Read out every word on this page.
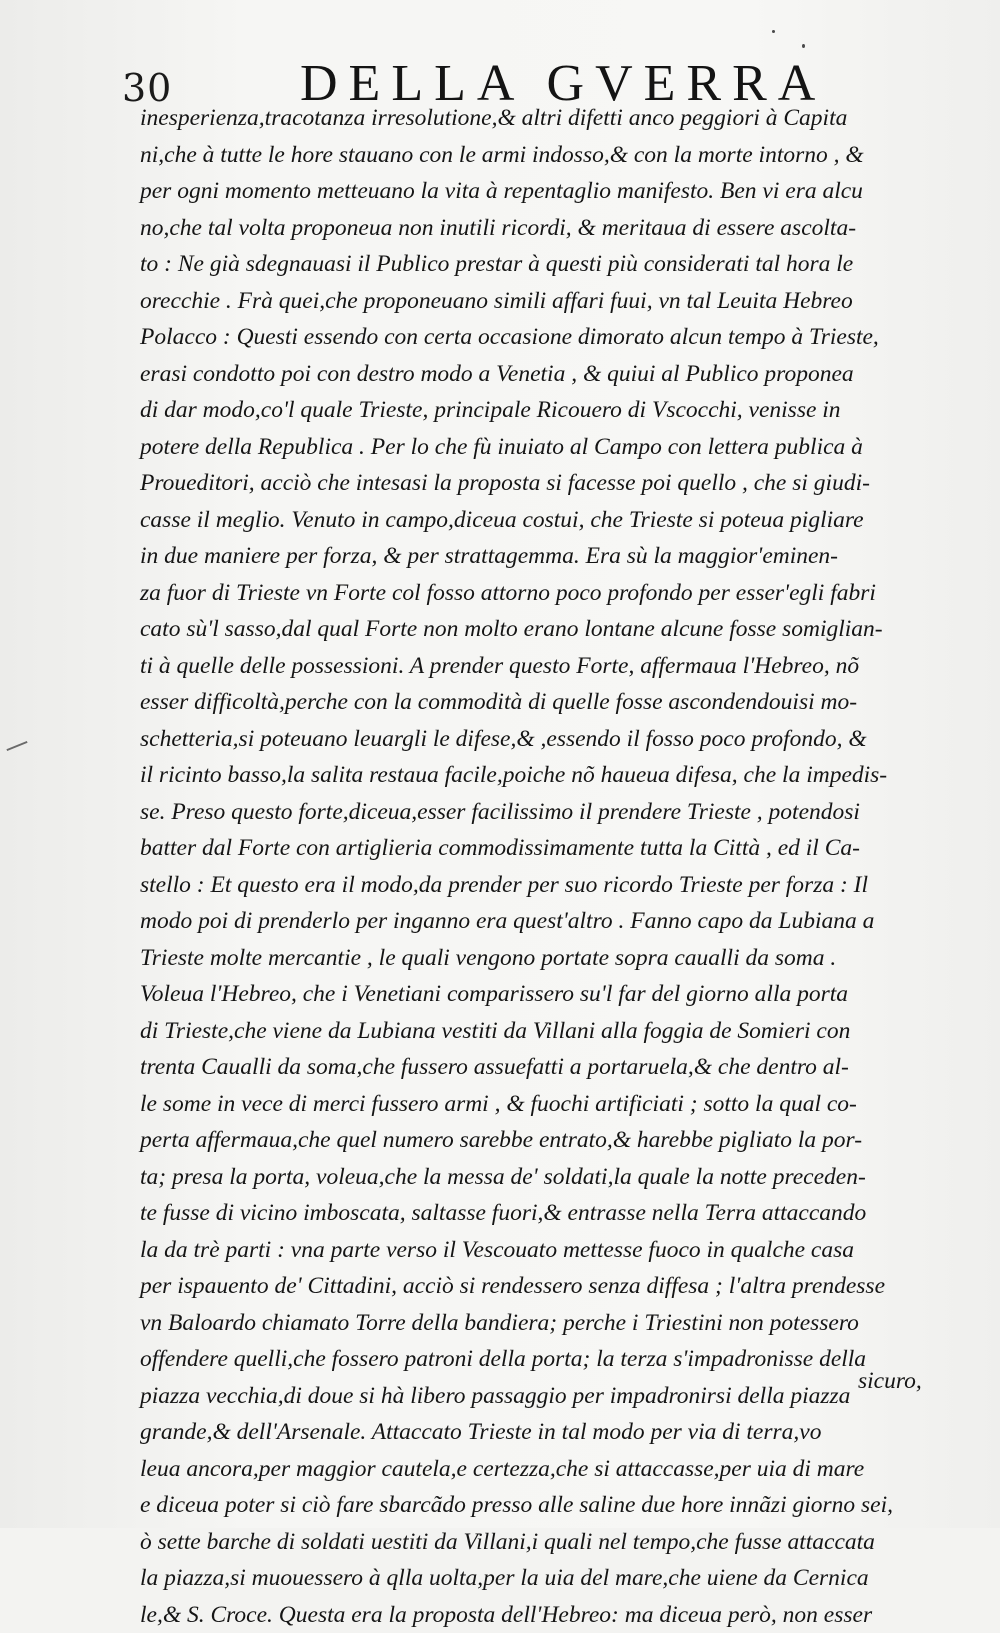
30 DELLA GVERRA
inesperienza,tracotanza irresolutione,& altri difetti anco peggiori à Capita
ni,che à tutte le hore stauano con le armi indosso,& con la morte intorno , &
per ogni momento metteuano la vita à repentaglio manifesto. Ben vi era alcu
no,che tal volta proponeua non inutili ricordi, & meritaua di essere ascolta-
to : Ne già sdegnauasi il Publico prestar à questi più considerati tal hora le
orecchie . Frà quei,che proponeuano simili affari fuui, vn tal Leuita Hebreo
Polacco : Questi essendo con certa occasione dimorato alcun tempo à Trieste,
erasi condotto poi con destro modo a Venetia , & quiui al Publico proponea
di dar modo,co'l quale Trieste, principale Ricouero di Vscocchi, venisse in
potere della Republica . Per lo che fù inuiato al Campo con lettera publica à
Proueditori, acciò che intesasi la proposta si facesse poi quello , che si giudi-
casse il meglio. Venuto in campo,diceua costui, che Trieste si poteua pigliare
in due maniere per forza, & per strattagemma. Era sù la maggior'eminen-
za fuor di Trieste vn Forte col fosso attorno poco profondo per esser'egli fabri
cato sù'l sasso,dal qual Forte non molto erano lontane alcune fosse somiglian-
ti à quelle delle possessioni. A prender questo Forte, affermaua l'Hebreo, nõ
esser difficoltà,perche con la commodità di quelle fosse ascondendouisi mo-
schetteria,si poteuano leuargli le difese,& ,essendo il fosso poco profondo, &
il ricinto basso,la salita restaua facile,poiche nõ haueua difesa, che la impedis-
se. Preso questo forte,diceua,esser facilissimo il prendere Trieste , potendosi
batter dal Forte con artiglieria commodissimamente tutta la Città , ed il Ca-
stello : Et questo era il modo,da prender per suo ricordo Trieste per forza : Il
modo poi di prenderlo per inganno era quest'altro . Fanno capo da Lubiana a
Trieste molte mercantie , le quali vengono portate sopra caualli da soma .
Voleua l'Hebreo, che i Venetiani comparissero su'l far del giorno alla porta
di Trieste,che viene da Lubiana vestiti da Villani alla foggia de Somieri con
trenta Caualli da soma,che fussero assuefatti a portaruela,& che dentro al-
le some in vece di merci fussero armi , & fuochi artificiati ; sotto la qual co-
perta affermaua,che quel numero sarebbe entrato,& harebbe pigliato la por-
ta; presa la porta, voleua,che la messa de' soldati,la quale la notte preceden-
te fusse di vicino imboscata, saltasse fuori,& entrasse nella Terra attaccando
la da trè parti : vna parte verso il Vescouato mettesse fuoco in qualche casa
per ispauento de' Cittadini, acciò si rendessero senza diffesa ; l'altra prendesse
vn Baloardo chiamato Torre della bandiera; perche i Triestini non potessero
offendere quelli,che fossero patroni della porta; la terza s'impadronisse della
piazza vecchia,di doue si hà libero passaggio per impadronirsi della piazza
grande,& dell'Arsenale. Attaccato Trieste in tal modo per via di terra,vo
leua ancora,per maggior cautela,e certezza,che si attaccasse,per uia di mare
e diceua poter si ciò fare sbarcãdo presso alle saline due hore innãzi giorno sei,
ò sette barche di soldati uestiti da Villani,i quali nel tempo,che fusse attaccata
la piazza,si muouessero à qlla uolta,per la uia del mare,che uiene da Cernica
le,& S. Croce. Questa era la proposta dell'Hebreo: ma diceua però, non esser
sicuro,
